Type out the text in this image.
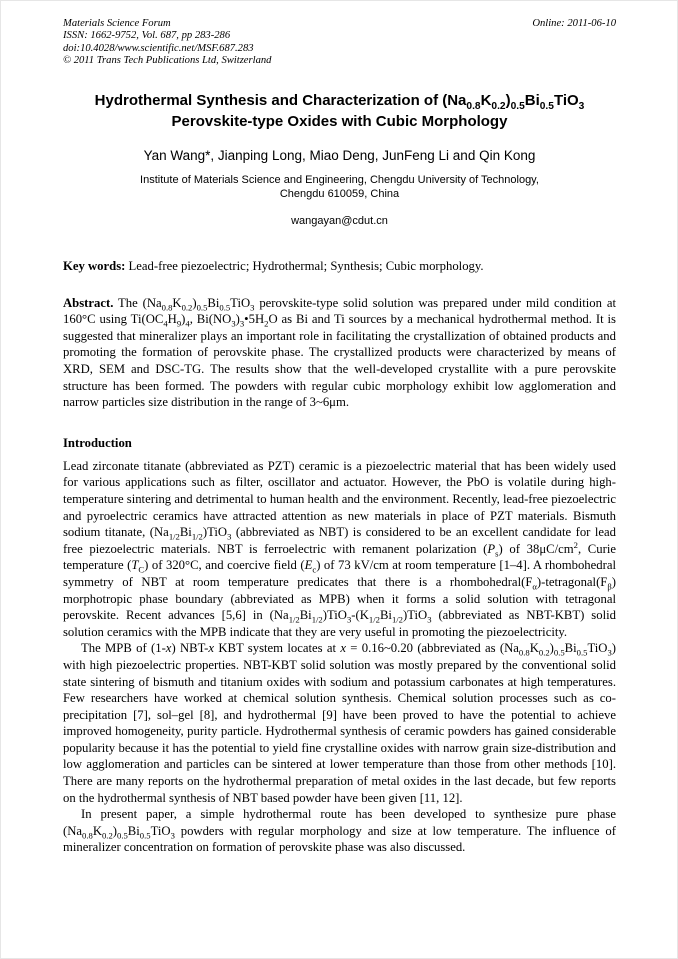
Materials Science Forum	Online: 2011-06-10
ISSN: 1662-9752, Vol. 687, pp 283-286
doi:10.4028/www.scientific.net/MSF.687.283
© 2011 Trans Tech Publications Ltd, Switzerland
Hydrothermal Synthesis and Characterization of $(Na_{0.8}K_{0.2})_{0.5}Bi_{0.5}TiO_3$
Perovskite-type Oxides with Cubic Morphology
Yan Wang*, Jianping Long, Miao Deng, JunFeng Li and Qin Kong
Institute of Materials Science and Engineering, Chengdu University of Technology,
Chengdu 610059, China
wangayan@cdut.cn

Key words: Lead-free piezoelectric; Hydrothermal; Synthesis; Cubic morphology.

Abstract. The $(Na_{0.8}K_{0.2})_{0.5}Bi_{0.5}TiO_3$ perovskite-type solid solution was prepared under mild condition at 160°C using $Ti(OC_4H_9)_4$, $Bi(NO_3)_3•5H_2O$ as Bi and Ti sources by a mechanical hydrothermal method. It is suggested that mineralizer plays an important role in facilitating the crystallization of obtained products and promoting the formation of perovskite phase. The crystallized products were characterized by means of XRD, SEM and DSC-TG. The results show that the well-developed crystallite with a pure perovskite structure has been formed. The powders with regular cubic morphology exhibit low agglomeration and narrow particles size distribution in the range of 3~6μm.

Introduction

Lead zirconate titanate (abbreviated as PZT) ceramic is a piezoelectric material that has been widely used for various applications such as filter, oscillator and actuator. However, the PbO is volatile during high-temperature sintering and detrimental to human health and the environment. Recently, lead-free piezoelectric and pyroelectric ceramics have attracted attention as new materials in place of PZT materials. Bismuth sodium titanate, $(Na_{1/2}Bi_{1/2})TiO_3$ (abbreviated as NBT) is considered to be an excellent candidate for lead free piezoelectric materials. NBT is ferroelectric with remanent polarization $(P_s)$ of $38\mu C/cm^2$, Curie temperature $(T_C)$ of 320°C, and coercive field $(E_c)$ of 73 kV/cm at room temperature [1–4]. A rhombohedral symmetry of NBT at room temperature predicates that there is a $rhombohedral(F_\alpha)-tetragonal(F_\beta)$ morphotropic phase boundary (abbreviated as MPB) when it forms a solid solution with tetragonal perovskite. Recent advances [5,6] in $(Na_{1/2}Bi_{1/2})TiO_3-(K_{1/2}Bi_{1/2})TiO_3$ (abbreviated as NBT-KBT) solid solution ceramics with the MPB indicate that they are very useful in promoting the piezoelectricity.

The MPB of (1-x) NBT-x KBT system locates at x = 0.16~0.20 (abbreviated as $(Na_{0.8}K_{0.2})_{0.5}Bi_{0.5}TiO_3$) with high piezoelectric properties. NBT-KBT solid solution was mostly prepared by the conventional solid state sintering of bismuth and titanium oxides with sodium and potassium carbonates at high temperatures. Few researchers have worked at chemical solution synthesis. Chemical solution processes such as co-precipitation [7], sol–gel [8], and hydrothermal [9] have been proved to have the potential to achieve improved homogeneity, purity particle. Hydrothermal synthesis of ceramic powders has gained considerable popularity because it has the potential to yield fine crystalline oxides with narrow grain size-distribution and low agglomeration and particles can be sintered at lower temperature than those from other methods [10]. There are many reports on the hydrothermal preparation of metal oxides in the last decade, but few reports on the hydrothermal synthesis of NBT based powder have been given [11, 12].

In present paper, a simple hydrothermal route has been developed to synthesize pure phase $(Na_{0.8}K_{0.2})_{0.5}Bi_{0.5}TiO_3$ powders with regular morphology and size at low temperature. The influence of mineralizer concentration on formation of perovskite phase was also discussed.
